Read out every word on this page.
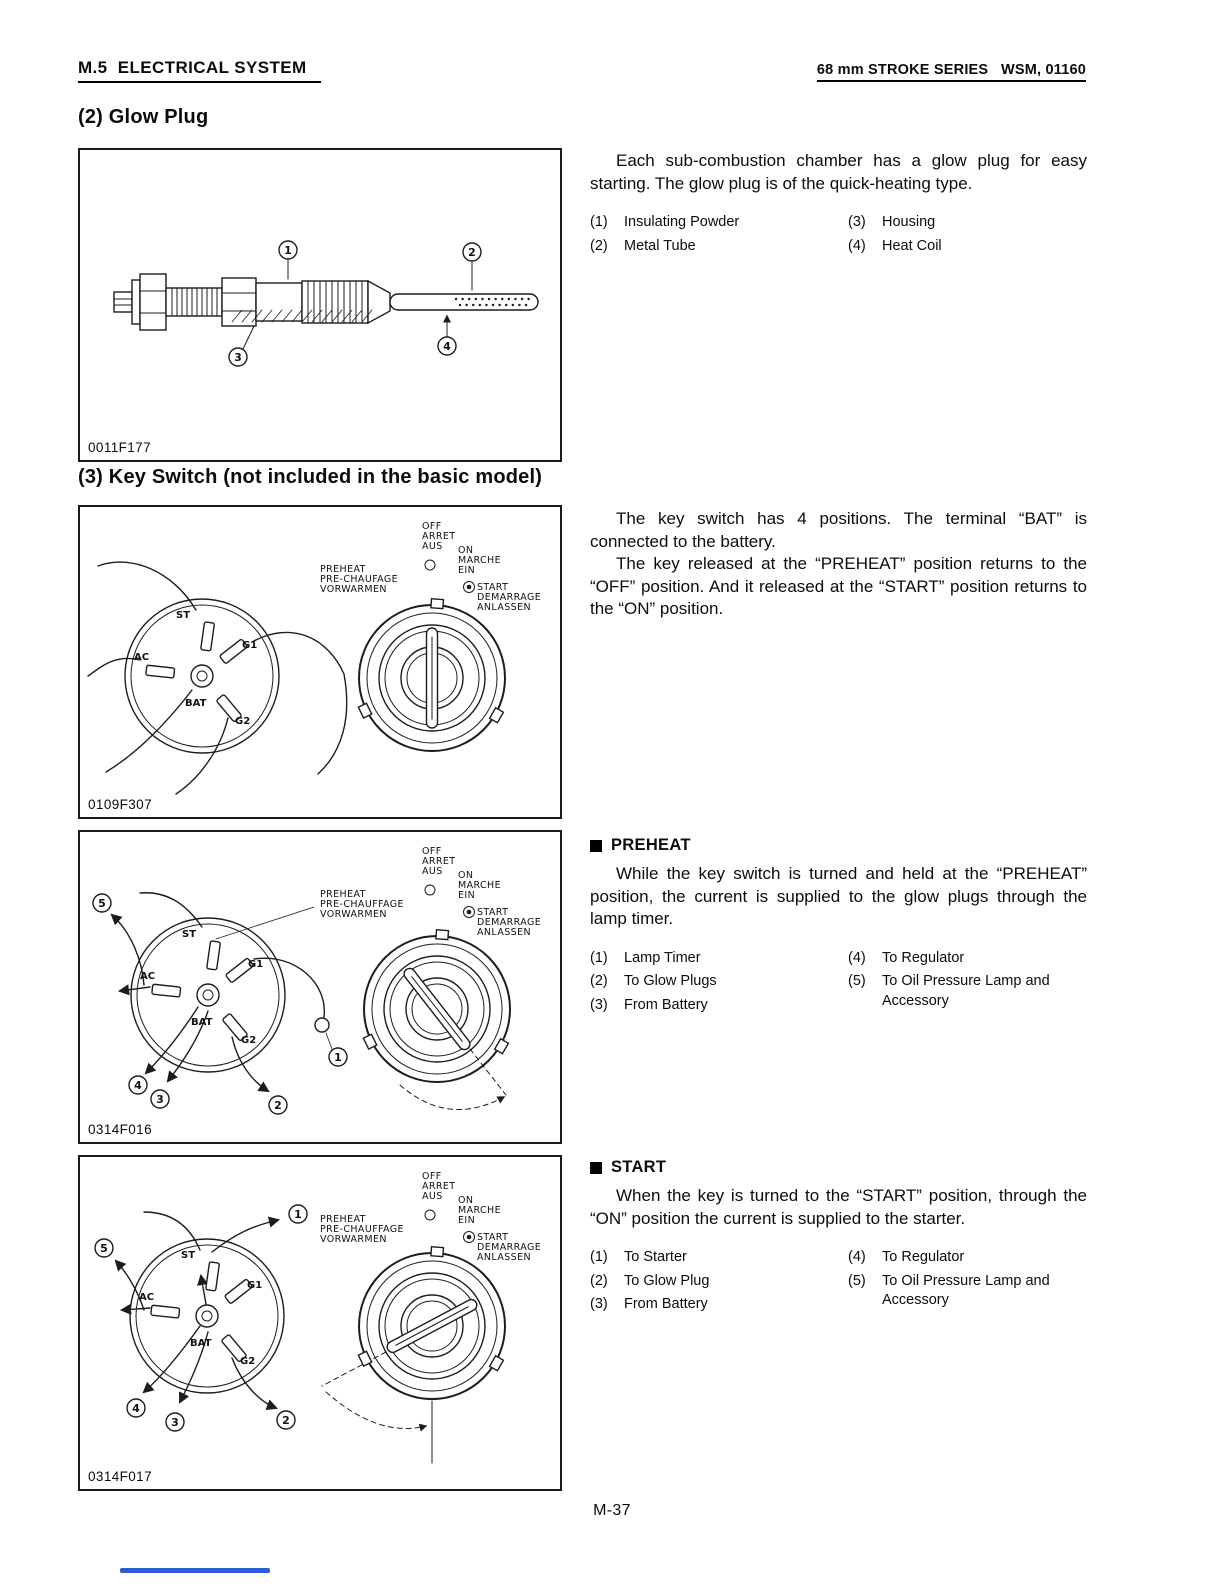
M.5  ELECTRICAL SYSTEM	68 mm STROKE SERIES   WSM, 01160
(2) Glow Plug
1	2
3
4
0011F177

Each sub-combustion chamber has a glow plug for easy starting. The glow plug is of the quick-heating type.

(1)	Insulating Powder
(2)	Metal Tube
(3)	Housing
(4)	Heat Coil
(3) Key Switch (not included in the basic model)
ST
AC
G1
G2
BAT
OFF
ARRET
AUS ON
MARCHE
EIN
START
DEMARRAGE
ANLASSEN
PREHEAT
PRE-CHAUFAGE
VORWARMEN
0109F307

The key switch has 4 positions. The terminal “BAT” is connected to the battery.

The key released at the “PREHEAT” position returns to the “OFF” position. And it released at the “START” position returns to the “ON” position.

ST
AC
G1
G2
BAT
OFF
ARRET
AUS ON
MARCHE
EIN
START
DEMARRAGE
ANLASSEN
PREHEAT
PRE-CHAUFFAGE
VORWARMEN
5
4
3	2
1
0314F016
PREHEAT

While the key switch is turned and held at the “PREHEAT” position, the current is supplied to the glow plugs through the lamp timer.

(1)	Lamp Timer
(2)	To Glow Plugs
(3)	From Battery
(4)	To Regulator
(5)	To Oil Pressure Lamp and Accessory
ST
AC
G1
G2
BAT
OFF
ARRET
AUS ON
MARCHE
EIN
START
DEMARRAGE
ANLASSEN
PREHEAT
PRE-CHAUFFAGE
VORWARMEN
1
5
4
3	2
0314F017
START

When the key is turned to the “START” position, through the “ON” position the current is supplied to the starter.

(1)	To Starter
(2)	To Glow Plug
(3)	From Battery
(4)	To Regulator
(5)	To Oil Pressure Lamp and Accessory
M-37
